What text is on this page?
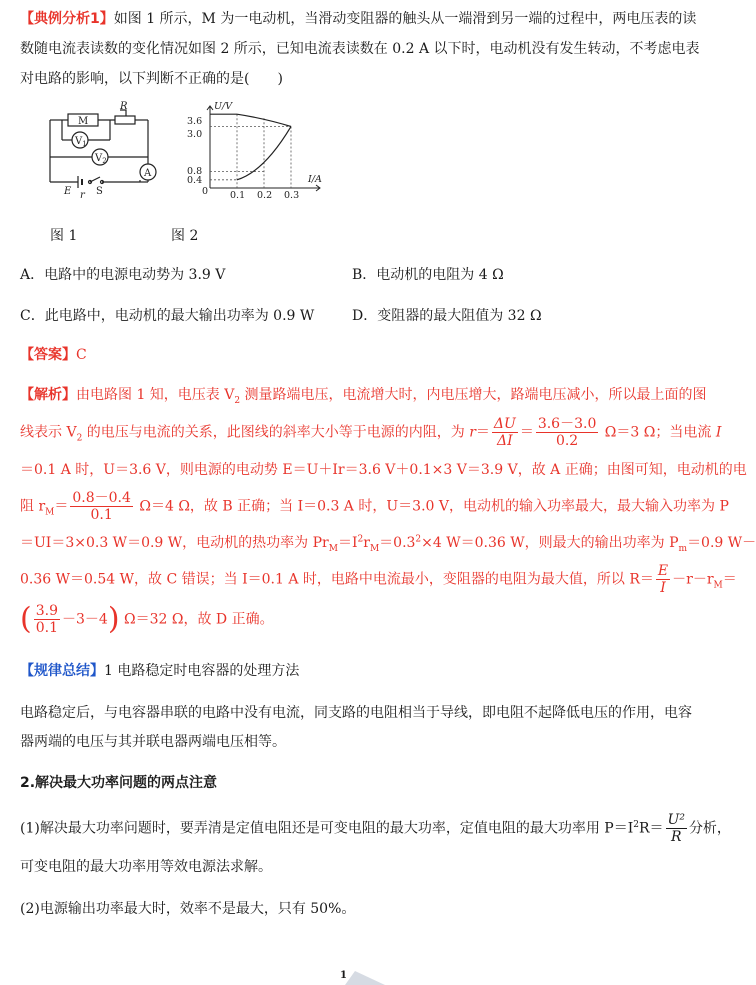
【典例分析1】如图 1 所示，M 为一电动机，当滑动变阻器的触头从一端滑到另一端的过程中，两电压表的读
数随电流表读数的变化情况如图 2 所示，已知电流表读数在 0.2 A 以下时，电动机没有发生转动，不考虑电表
对电路的影响，以下判断不正确的是(　　)
M
R
$V_1$
$V_2$
A
E r S
U/V
I/A
3.6
3.0
0.8
0.4
0 0.1 0.2 0.3
图 1	图 2
A．电路中的电源电动势为 3.9 V	B．电动机的电阻为 4 Ω
C．此电路中，电动机的最大输出功率为 0.9 W	D．变阻器的最大阻值为 32 Ω
【答案】C
【解析】由电路图 1 知，电压表 $V_2$ 测量路端电压，电流增大时，内电压增大，路端电压减小，所以最上面的图
线表示 $V_2$ 的电压与电流的关系，此图线的斜率大小等于电源的内阻，为 $r= \frac{\Delta U}{\Delta I} = \frac{3.6-3.0}{0.2} \Omega=3$ Ω；当电流 I
＝0.1 A 时，U＝3.6 V，则电源的电动势 E＝U＋Ir＝3.6 V＋0.1×3 V＝3.9 V，故 A 正确；由图可知，电动机的电
阻 $r_M= \frac{0.8-0.4}{0.1} \Omega=4$ Ω，故 B 正确；当 I＝0.3 A 时，U＝3.0 V，电动机的输入功率最大，最大输入功率为 P
＝UI＝3×0.3 W＝0.9 W，电动机的热功率为 $Pr_M=I^2r_M=0.3^2\times 4$ W＝0.36 W，则最大的输出功率为 $P_m=0.9$ W－
0.36 W＝0.54 W，故 C 错误；当 I＝0.1 A 时，电路中电流最小，变阻器的电阻为最大值，所以 $R= \frac{E}{I} -r-r_M=$
( $\frac{3.9}{0.1} -3-4$) Ω＝32 Ω，故 D 正确。
【规律总结】1 电路稳定时电容器的处理方法
电路稳定后，与电容器串联的电路中没有电流，同支路的电阻相当于导线，即电阻不起降低电压的作用，电容
器两端的电压与其并联电器两端电压相等。
2.解决最大功率问题的两点注意
(1)解决最大功率问题时，要弄清是定值电阻还是可变电阻的最大功率，定值电阻的最大功率用 $P=I^2R= \frac{\text{U²}}{R}$ 分析，
可变电阻的最大功率用等效电源法求解。
(2)电源输出功率最大时，效率不是最大，只有 50%。
1
